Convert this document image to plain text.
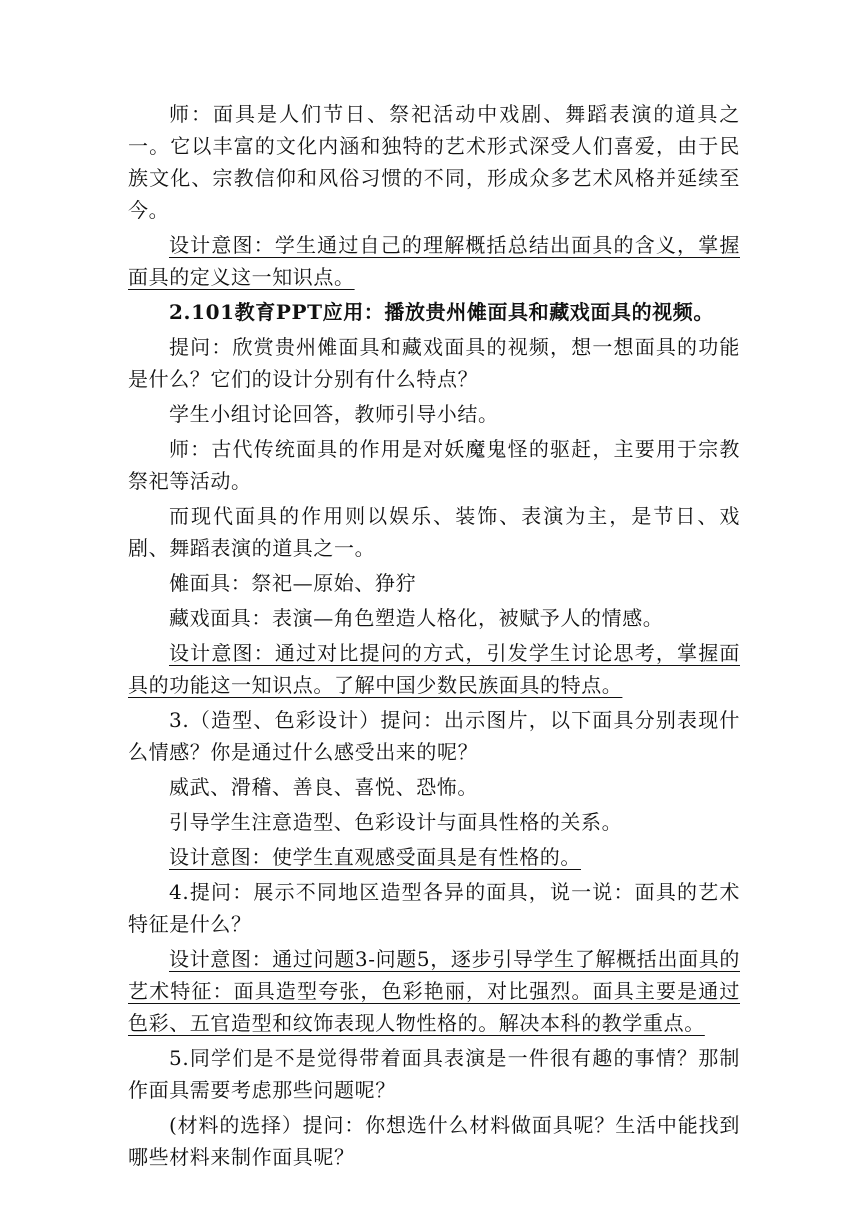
师：面具是人们节日、祭祀活动中戏剧、舞蹈表演的道具之一。它以丰富的文化内涵和独特的艺术形式深受人们喜爱，由于民族文化、宗教信仰和风俗习惯的不同，形成众多艺术风格并延续至今。

设计意图：学生通过自己的理解概括总结出面具的含义，掌握面具的定义这一知识点。

2.101教育PPT应用：播放贵州傩面具和藏戏面具的视频。

提问：欣赏贵州傩面具和藏戏面具的视频，想一想面具的功能是什么？它们的设计分别有什么特点？

学生小组讨论回答，教师引导小结。

师：古代传统面具的作用是对妖魔鬼怪的驱赶，主要用于宗教祭祀等活动。

而现代面具的作用则以娱乐、装饰、表演为主，是节日、戏剧、舞蹈表演的道具之一。

傩面具：祭祀—原始、狰狞

藏戏面具：表演—角色塑造人格化，被赋予人的情感。

设计意图：通过对比提问的方式，引发学生讨论思考，掌握面具的功能这一知识点。了解中国少数民族面具的特点。

3.（造型、色彩设计）提问：出示图片，以下面具分别表现什么情感？你是通过什么感受出来的呢？

威武、滑稽、善良、喜悦、恐怖。

引导学生注意造型、色彩设计与面具性格的关系。

设计意图：使学生直观感受面具是有性格的。

4.提问：展示不同地区造型各异的面具，说一说：面具的艺术特征是什么？

设计意图：通过问题3-问题5，逐步引导学生了解概括出面具的艺术特征：面具造型夸张，色彩艳丽，对比强烈。面具主要是通过色彩、五官造型和纹饰表现人物性格的。解决本科的教学重点。

5.同学们是不是觉得带着面具表演是一件很有趣的事情？那制作面具需要考虑那些问题呢？

(材料的选择）提问：你想选什么材料做面具呢？生活中能找到哪些材料来制作面具呢？
